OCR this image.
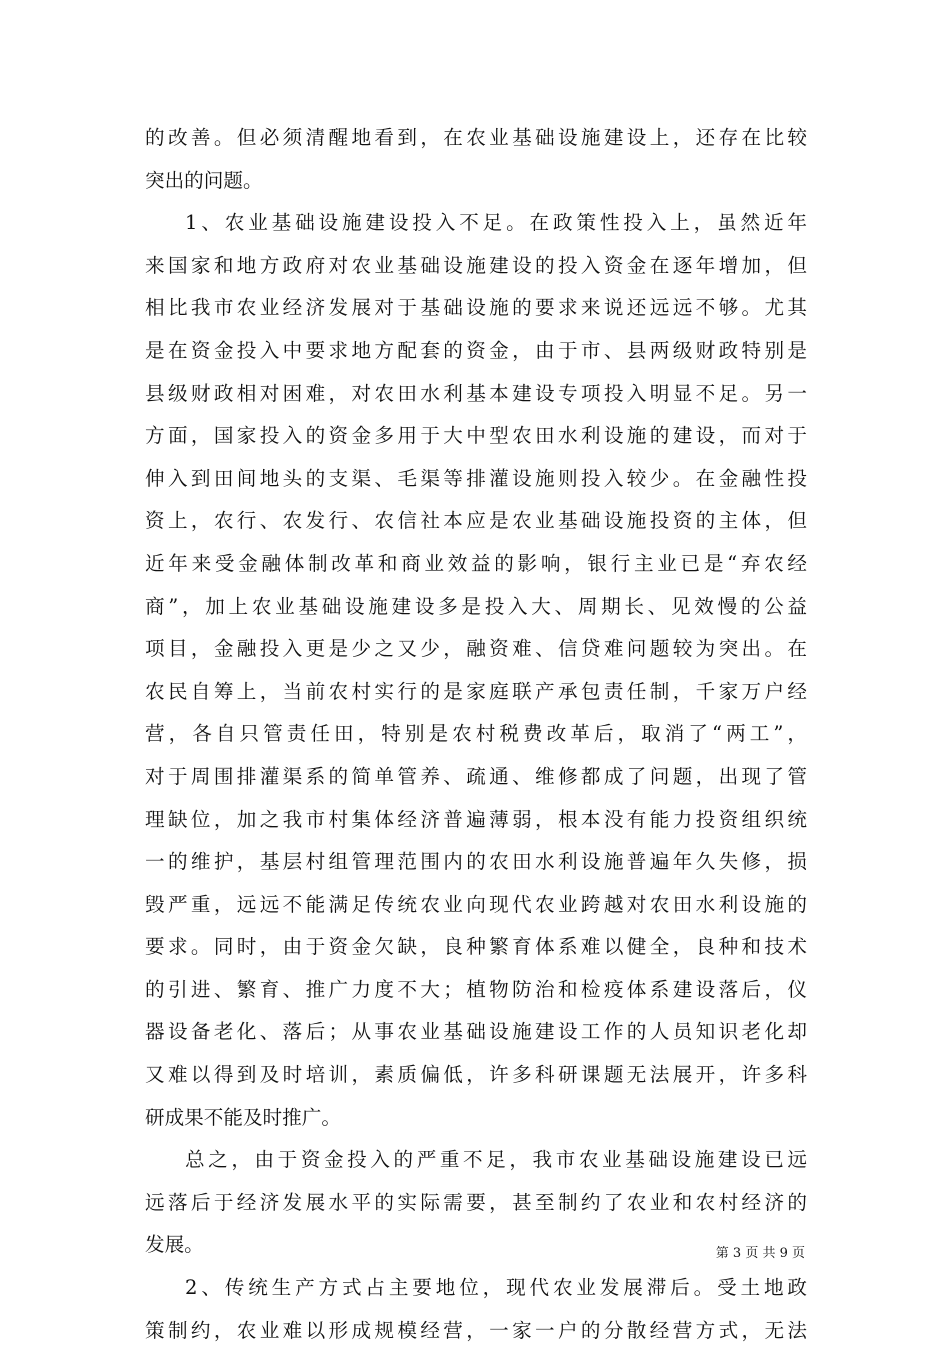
的改善。但必须清醒地看到，在农业基础设施建设上，还存在比较
突出的问题。
1、农业基础设施建设投入不足。在政策性投入上，虽然近年
来国家和地方政府对农业基础设施建设的投入资金在逐年增加，但
相比我市农业经济发展对于基础设施的要求来说还远远不够。尤其
是在资金投入中要求地方配套的资金，由于市、县两级财政特别是
县级财政相对困难，对农田水利基本建设专项投入明显不足。另一
方面，国家投入的资金多用于大中型农田水利设施的建设，而对于
伸入到田间地头的支渠、毛渠等排灌设施则投入较少。在金融性投
资上，农行、农发行、农信社本应是农业基础设施投资的主体，但
近年来受金融体制改革和商业效益的影响，银行主业已是“弃农经
商”，加上农业基础设施建设多是投入大、周期长、见效慢的公益
项目，金融投入更是少之又少，融资难、信贷难问题较为突出。在
农民自筹上，当前农村实行的是家庭联产承包责任制，千家万户经
营，各自只管责任田，特别是农村税费改革后，取消了“两工”，
对于周围排灌渠系的简单管养、疏通、维修都成了问题，出现了管
理缺位，加之我市村集体经济普遍薄弱，根本没有能力投资组织统
一的维护，基层村组管理范围内的农田水利设施普遍年久失修，损
毁严重，远远不能满足传统农业向现代农业跨越对农田水利设施的
要求。同时，由于资金欠缺，良种繁育体系难以健全，良种和技术
的引进、繁育、推广力度不大；植物防治和检疫体系建设落后，仪
器设备老化、落后；从事农业基础设施建设工作的人员知识老化却
又难以得到及时培训，素质偏低，许多科研课题无法展开，许多科
研成果不能及时推广。
总之，由于资金投入的严重不足，我市农业基础设施建设已远
远落后于经济发展水平的实际需要，甚至制约了农业和农村经济的
发展。
2、传统生产方式占主要地位，现代农业发展滞后。受土地政
策制约，农业难以形成规模经营，一家一户的分散经营方式，无法
第 3 页 共 9 页
